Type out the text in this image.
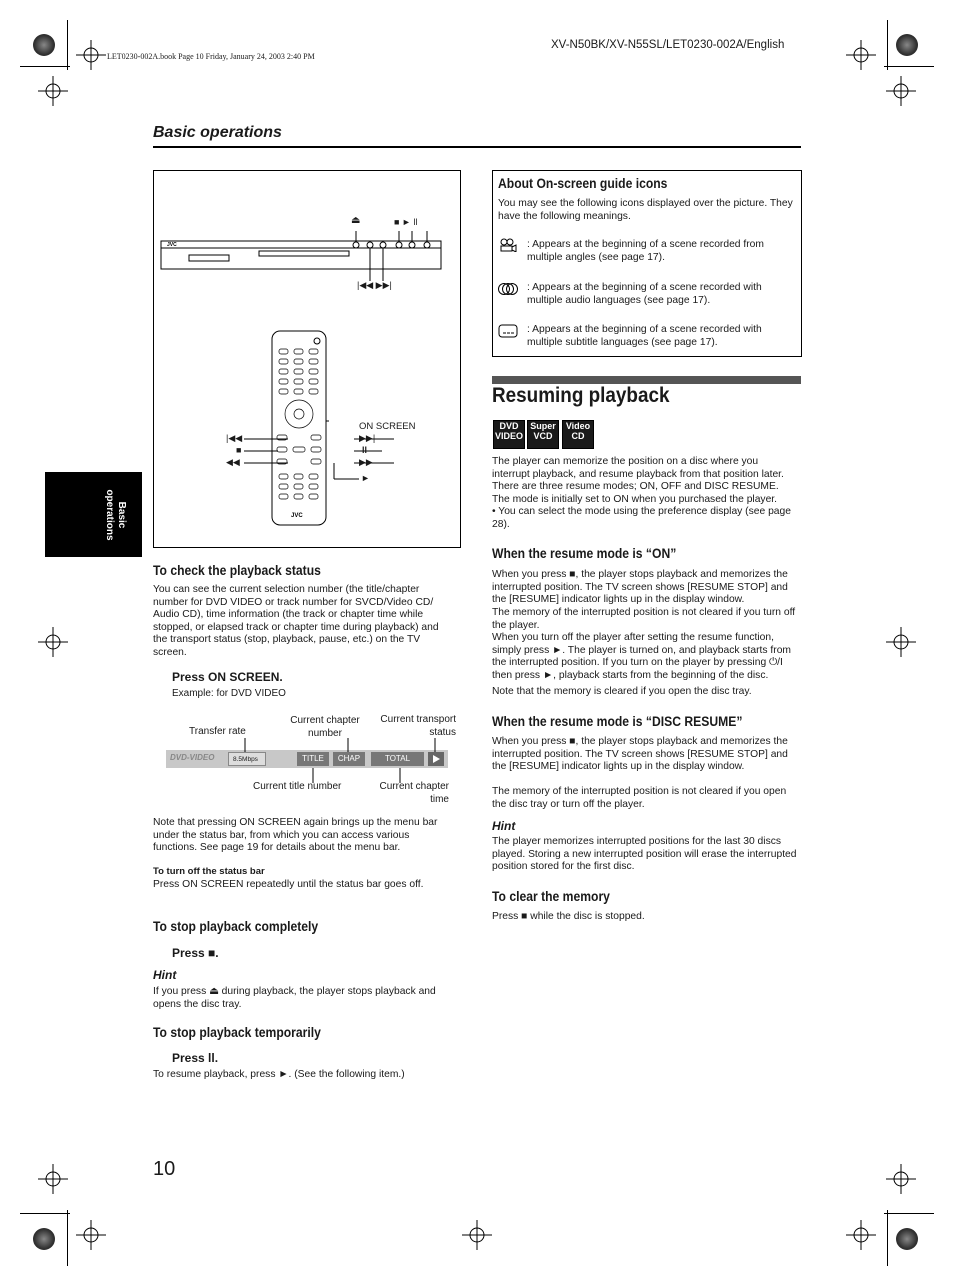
LET0230-002A.book Page 10 Friday, January 24, 2003 2:40 PM
XV-N50BK/XV-N55SL/LET0230-002A/English
Basic operations
Basic operations
JVC
⏏	■ ► ll
|◀◀ ▶▶|
JVC
ON SCREEN
|◀◀
■
◀◀
▶▶|
ll
▶▶
►
To check the playback status
You can see the current selection number (the title/chapter number for DVD VIDEO or track number for SVCD/Video CD/ Audio CD), time information (the track or chapter time while stopped, or elapsed track or chapter time during playback) and the transport status (stop, playback, pause, etc.) on the TV screen.
Press ON SCREEN.
Example: for DVD VIDEO
Transfer rate
Current chapter number
Current transport status
DVD-VIDEO	8.5Mbps	TITLE 33
CHAP 33
TOTAL 1:25:58
Current title number	Current chapter time
Note that pressing ON SCREEN again brings up the menu bar under the status bar, from which you can access various functions. See page 19 for details about the menu bar.
To turn off the status bar
Press ON SCREEN repeatedly until the status bar goes off.
To stop playback completely
Press ■.
Hint
If you press ⏏ during playback, the player stops playback and opens the disc tray.
To stop playback temporarily
Press ll.
To resume playback, press ►. (See the following item.)
About On-screen guide icons
You may see the following icons displayed over the picture. They have the following meanings.
: Appears at the beginning of a scene recorded from multiple angles (see page 17).
: Appears at the beginning of a scene recorded with multiple audio languages (see page 17).
: Appears at the beginning of a scene recorded with multiple subtitle languages (see page 17).
Resuming playback
DVD VIDEO
Super VCD
Video CD
The player can memorize the position on a disc where you interrupt playback, and resume playback from that position later. There are three resume modes; ON, OFF and DISC RESUME. The mode is initially set to ON when you purchased the player.
• You can select the mode using the preference display (see page 28).
When the resume mode is “ON”
When you press ■, the player stops playback and memorizes the interrupted position. The TV screen shows [RESUME STOP] and the [RESUME] indicator lights up in the display window.
The memory of the interrupted position is not cleared if you turn off the player.
When you turn off the player after setting the resume function, simply press ►. The player is turned on, and playback starts from the interrupted position. If you turn on the player by pressing ⏻/I then press ►, playback starts from the beginning of the disc.
Note that the memory is cleared if you open the disc tray.
When the resume mode is “DISC RESUME”
When you press ■, the player stops playback and memorizes the interrupted position. The TV screen shows [RESUME STOP] and the [RESUME] indicator lights up in the display window.
The memory of the interrupted position is not cleared if you open the disc tray or turn off the player.
Hint
The player memorizes interrupted positions for the last 30 discs played. Storing a new interrupted position will erase the interrupted position stored for the first disc.
To clear the memory
Press ■ while the disc is stopped.
10
